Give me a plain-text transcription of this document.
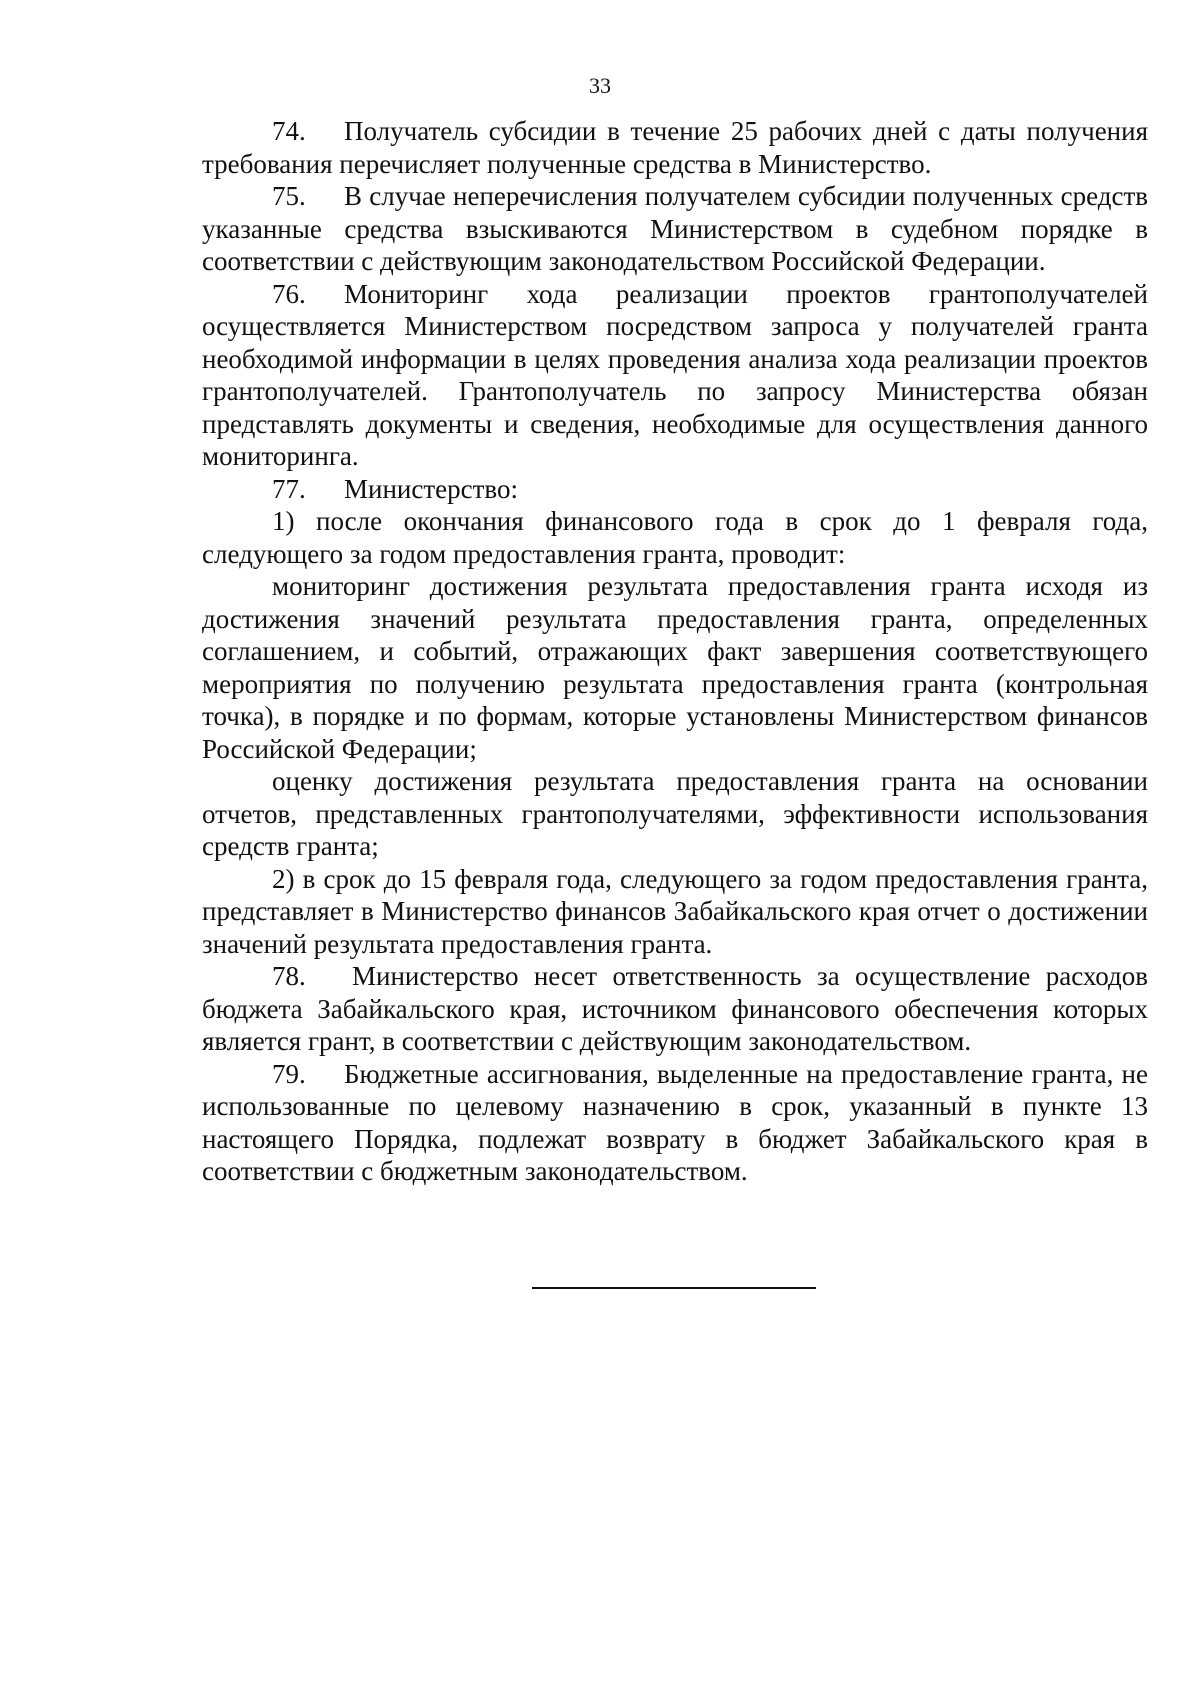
33

74. Получатель субсидии в течение 25 рабочих дней с даты получения требования перечисляет полученные средства в Министерство.

75. В случае неперечисления получателем субсидии полученных средств указанные средства взыскиваются Министерством в судебном порядке в соответствии с действующим законодательством Российской Федерации.

76. Мониторинг хода реализации проектов грантополучателей осуществляется Министерством посредством запроса у получателей гранта необходимой информации в целях проведения анализа хода реализации проектов грантополучателей. Грантополучатель по запросу Министерства обязан представлять документы и сведения, необходимые для осуществления данного мониторинга.

77. Министерство:

1) после окончания финансового года в срок до 1 февраля года, следующего за годом предоставления гранта, проводит:

мониторинг достижения результата предоставления гранта исходя из достижения значений результата предоставления гранта, определенных соглашением, и событий, отражающих факт завершения соответствующего мероприятия по получению результата предоставления гранта (контрольная точка), в порядке и по формам, которые установлены Министерством финансов Российской Федерации;

оценку достижения результата предоставления гранта на основании отчетов, представленных грантополучателями, эффективности использования средств гранта;

2) в срок до 15 февраля года, следующего за годом предоставления гранта, представляет в Министерство финансов Забайкальского края отчет о достижении значений результата предоставления гранта.

78. Министерство несет ответственность за осуществление расходов бюджета Забайкальского края, источником финансового обеспечения которых является грант, в соответствии с действующим законодательством.

79. Бюджетные ассигнования, выделенные на предоставление гранта, не использованные по целевому назначению в срок, указанный в пункте 13 настоящего Порядка, подлежат возврату в бюджет Забайкальского края в соответствии с бюджетным законодательством.
